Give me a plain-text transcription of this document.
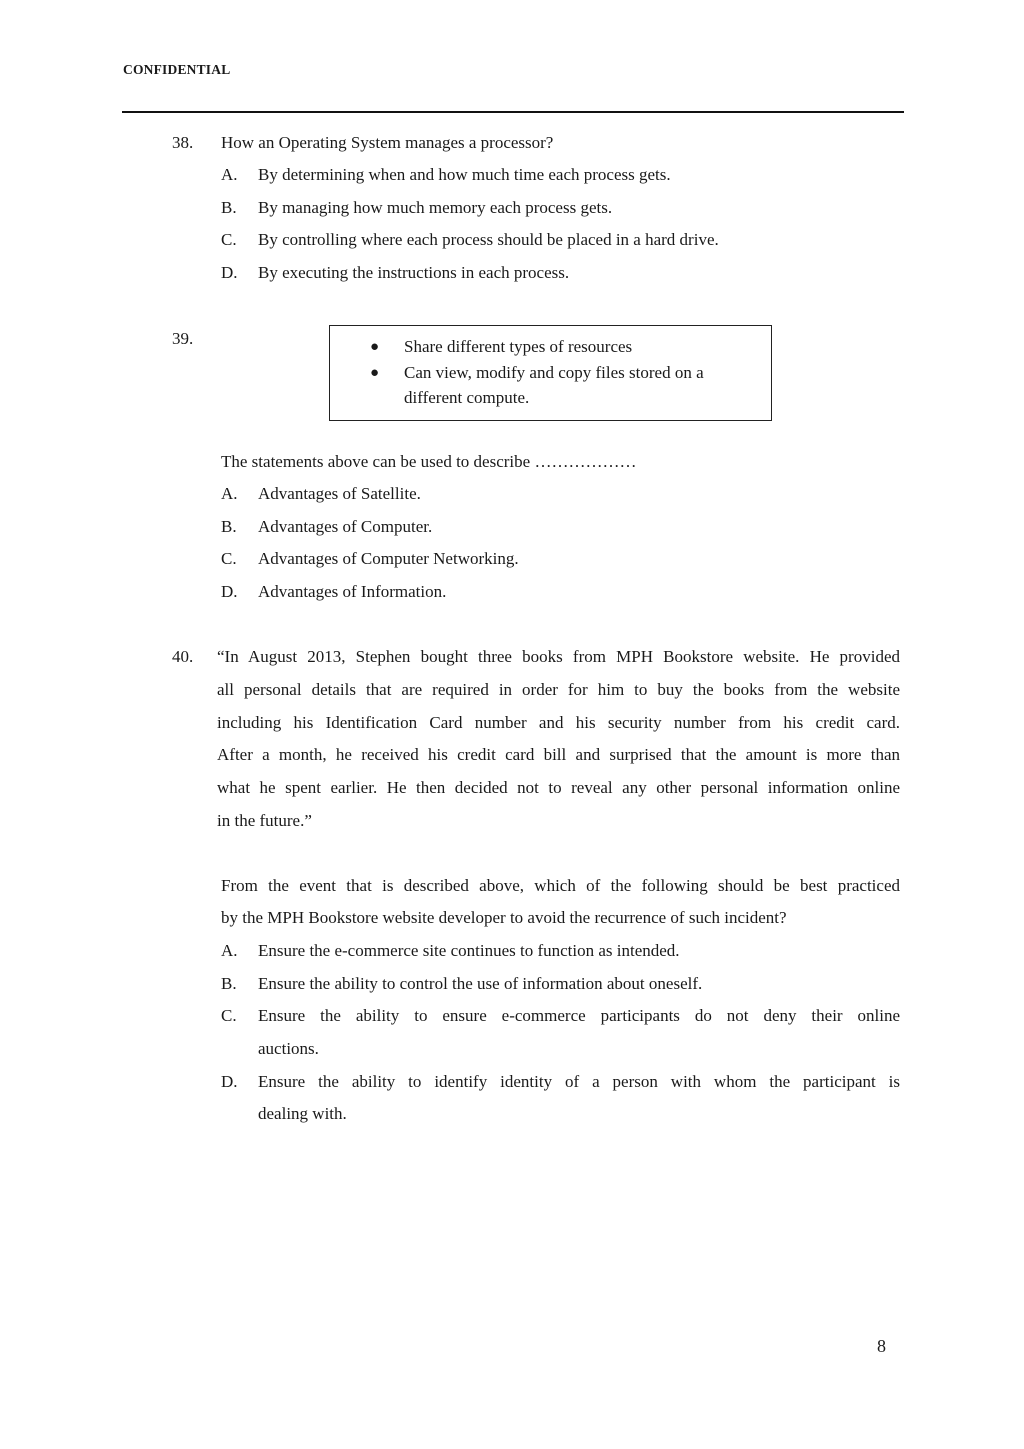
CONFIDENTIAL
38. How an Operating System manages a processor?
A. By determining when and how much time each process gets.
B. By managing how much memory each process gets.
C. By controlling where each process should be placed in a hard drive.
D. By executing the instructions in each process.
39.	● Share different types of resources
● Can view, modify and copy files stored on a
different compute.
The statements above can be used to describe ………………
A. Advantages of Satellite.
B. Advantages of Computer.
C. Advantages of Computer Networking.
D. Advantages of Information.
40. “In August 2013, Stephen bought three books from MPH Bookstore website. He provided
all personal details that are required in order for him to buy the books from the website
including his Identification Card number and his security number from his credit card.
After a month, he received his credit card bill and surprised that the amount is more than
what he spent earlier. He then decided not to reveal any other personal information online
in the future.”
From the event that is described above, which of the following should be best practiced
by the MPH Bookstore website developer to avoid the recurrence of such incident?
A. Ensure the e-commerce site continues to function as intended.
B. Ensure the ability to control the use of information about oneself.
C. Ensure the ability to ensure e-commerce participants do not deny their online
auctions.
D. Ensure the ability to identify identity of a person with whom the participant is
dealing with.
8
